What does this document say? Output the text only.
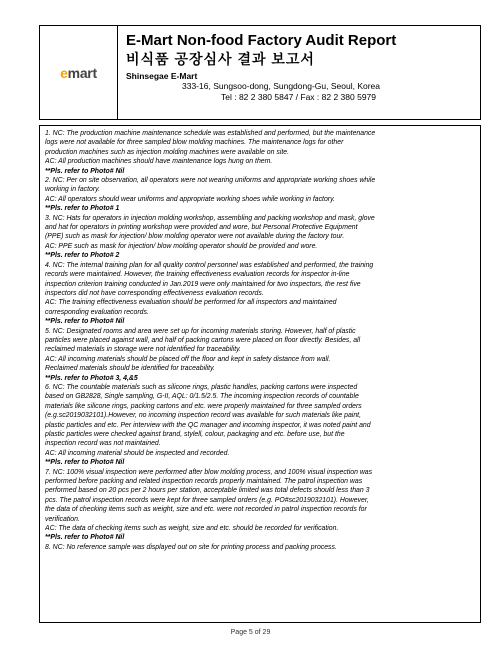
emart
E-Mart Non-food Factory Audit Report
비식품 공장심사 결과 보고서
Shinsegae E-Mart
333-16, Sungsoo-dong, Sungdong-Gu, Seoul, Korea
Tel : 82 2 380 5847 / Fax : 82 2 380 5979
1. NC: The production machine maintenance schedule was established and performed, but the maintenance
logs were not available for three sampled blow molding machines. The maintenance logs for other
production machines such as injection molding machines were available on site.
AC: All production machines should have maintenance logs hung on them.
**Pls. refer to Photo# Nil
2. NC: Per on site observation, all operators were not wearing uniforms and appropriate working shoes while
working in factory.
AC: All operators should wear uniforms and appropriate working shoes while working in factory.
**Pls. refer to Photo# 1
3. NC: Hats for operators in injection molding workshop, assembling and packing workshop and mask, glove
and hat for operators in printing workshop were provided and wore, but Personal Protective Equipment
(PPE) such as mask for injection/ blow molding operator were not available during the factory tour.
AC: PPE such as mask for injection/ blow molding operator should be provided and wore.
**Pls. refer to Photo# 2
4. NC: The internal training plan for all quality control personnel was established and performed, the training
records were maintained. However, the training effectiveness evaluation records for inspector in-line
inspection criterion training conducted in Jan.2019 were only maintained for two inspectors, the rest five
inspectors did not have corresponding effectiveness evaluation records.
AC: The training effectiveness evaluation should be performed for all inspectors and maintained
corresponding evaluation records.
**Pls. refer to Photo# Nil
5. NC: Designated rooms and area were set up for incoming materials storing. However, half of plastic
particles were placed against wall, and half of packing cartons were placed on floor directly. Besides, all
reclaimed materials in storage were not identified for traceability.
AC: All incoming materials should be placed off the floor and kept in safety distance from wall.
Reclaimed materials should be identified for traceability.
**Pls. refer to Photo# 3, 4,&5
6. NC: The countable materials such as silicone rings, plastic handles, packing cartons were inspected
based on GB2828, Single sampling, G-II, AQL: 0/1.5/2.5. The incoming inspection records of countable
materials like silicone rings, packing cartons and etc. were properly maintained for three sampled orders
(e.g.sc2019032101).However, no incoming inspection record was available for such materials like paint,
plastic particles and etc. Per interview with the QC manager and incoming inspector, it was noted paint and
plastic particles were checked against brand, stylell, colour, packaging and etc. before use, but the
inspection record was not maintained.
AC: All incoming material should be inspected and recorded.
**Pls. refer to Photo# Nil
7. NC: 100% visual inspection were performed after blow molding process, and 100% visual inspection was
performed before packing and related inspection records properly maintained. The patrol inspection was
performed based on 20 pcs per 2 hours per station, acceptable limited was total defects should less than 3
pcs. The patrol inspection records were kept for three sampled orders (e.g. PO#sc2019032101). However,
the data of checking items such as weight, size and etc. were not recorded in patrol inspection records for
verification.
AC: The data of checking items such as weight, size and etc. should be recorded for verification.
**Pls. refer to Photo# Nil
8. NC: No reference sample was displayed out on site for printing process and packing process.
Page 5 of 29
